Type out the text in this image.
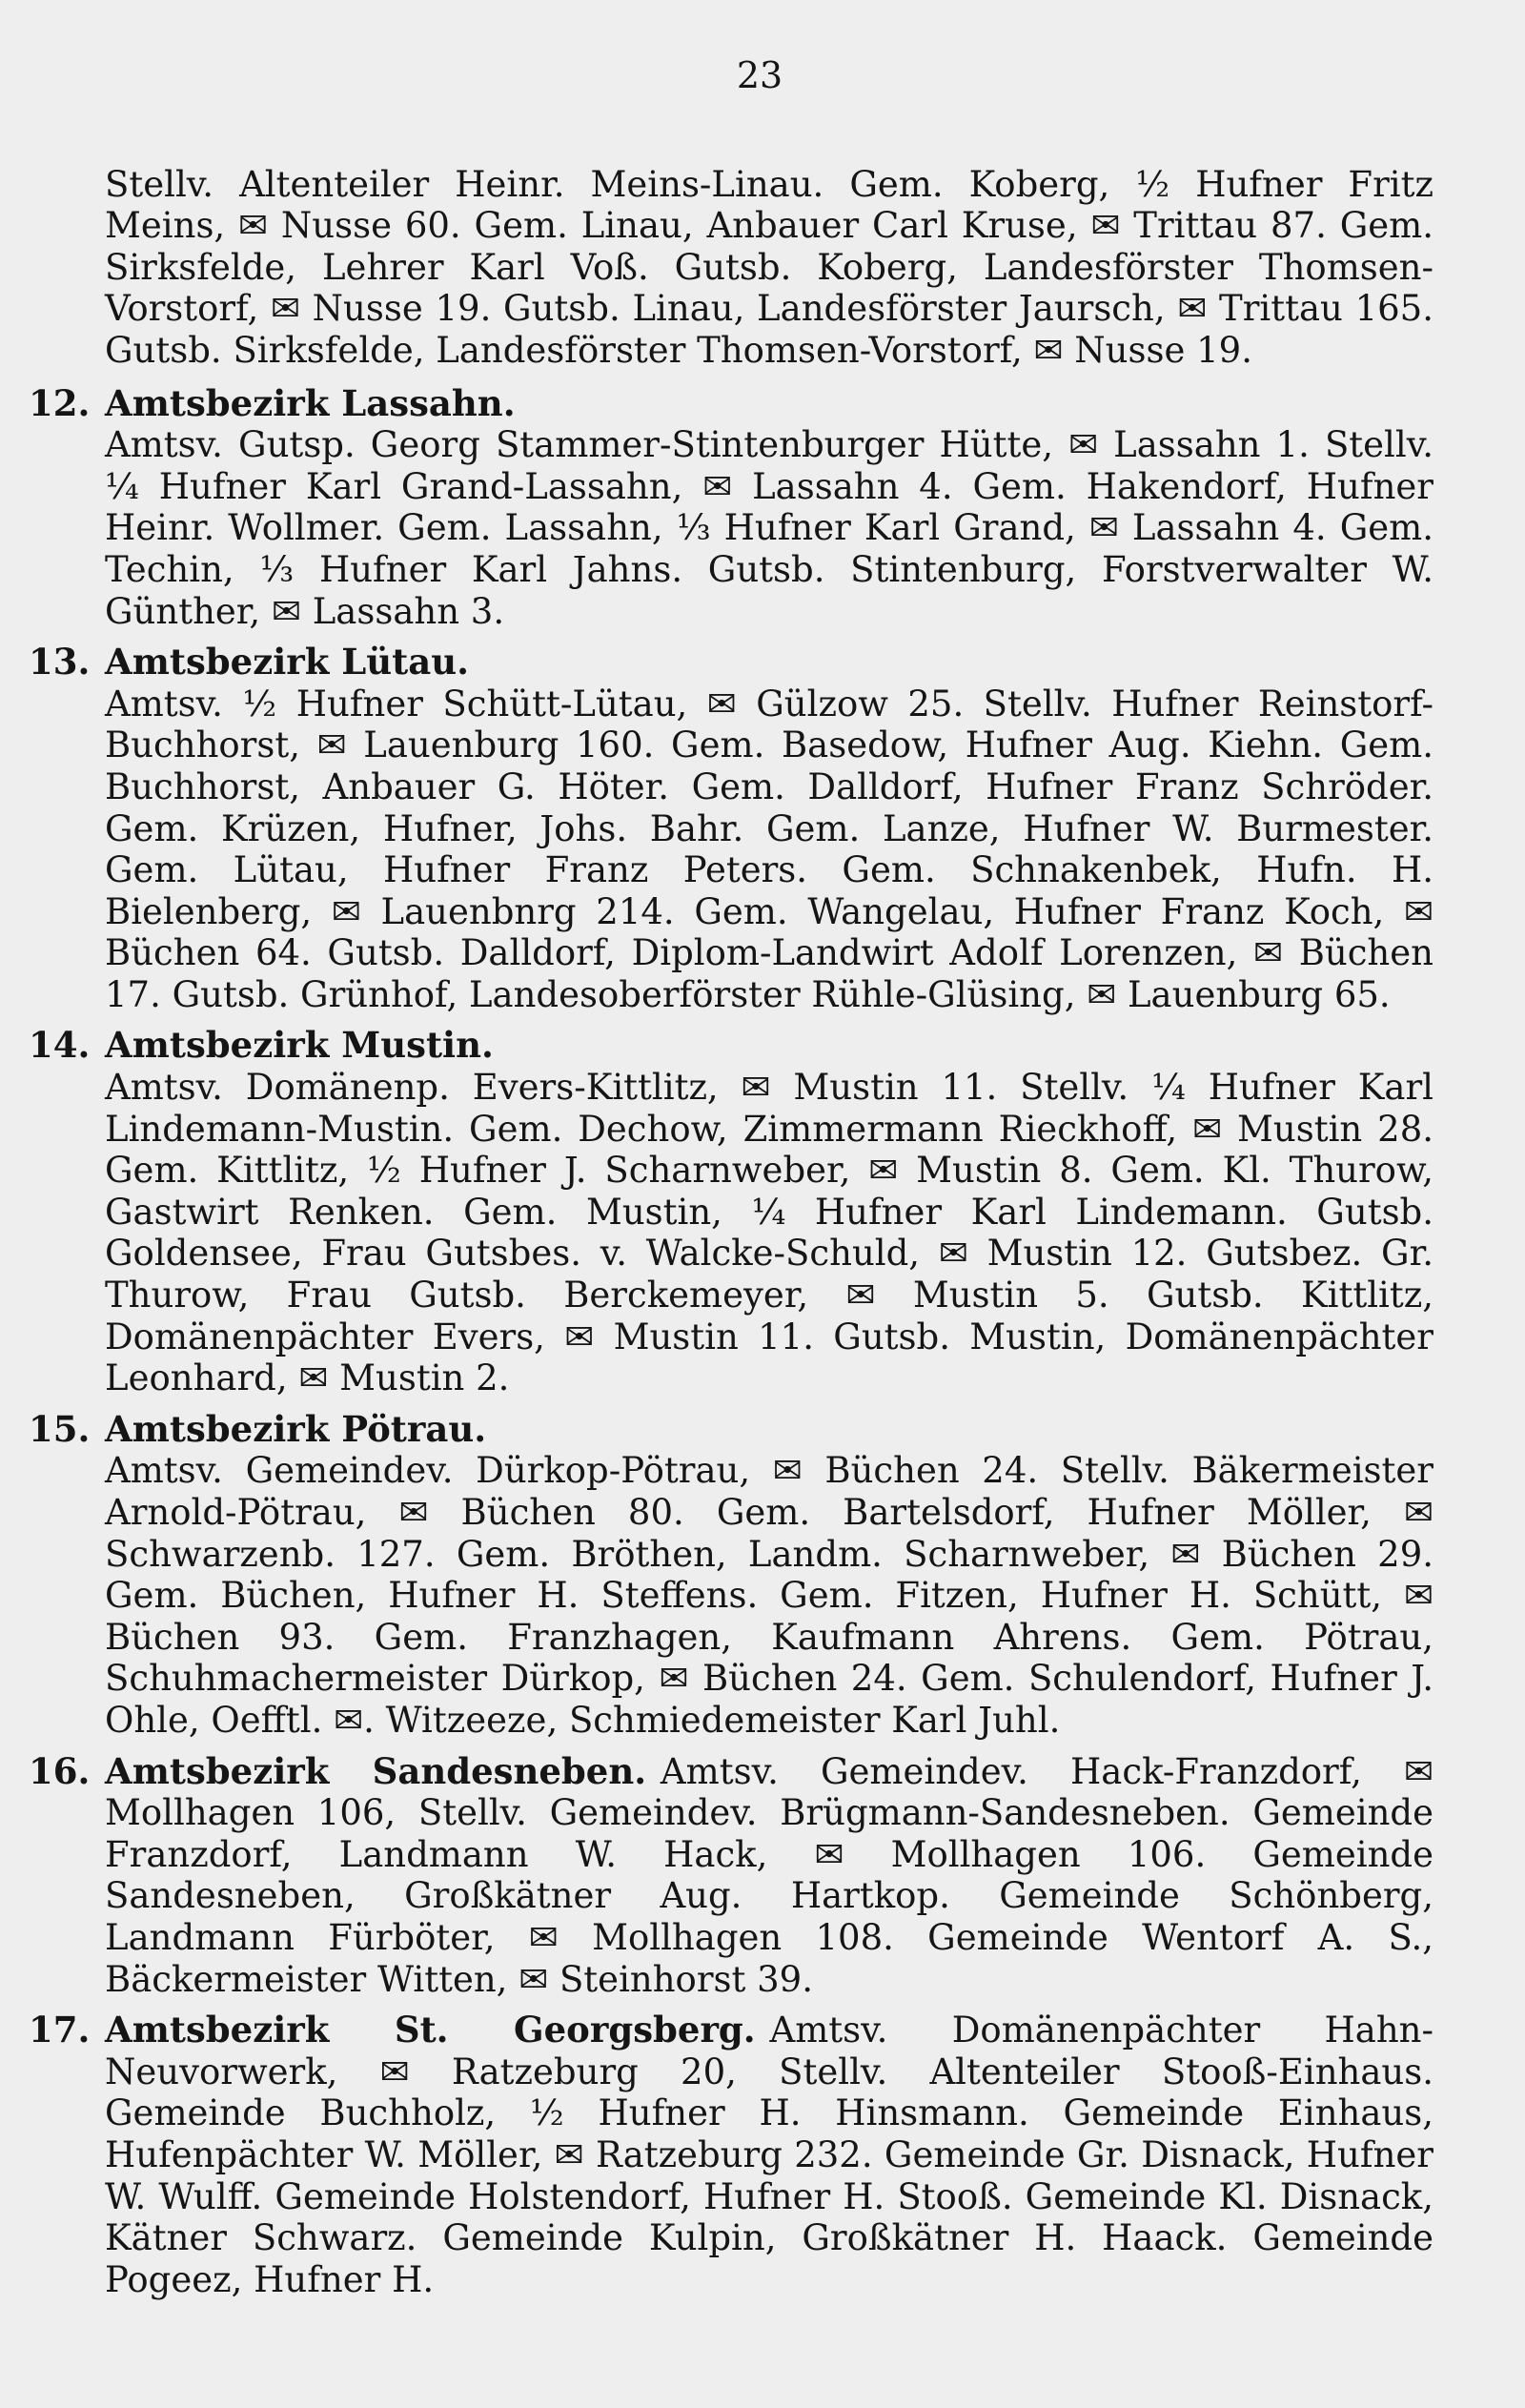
23

Stellv. Altenteiler Heinr. Meins-Linau. Gem. Koberg, ½ Hufner Fritz Meins, ✉ Nusse 60. Gem. Linau, Anbauer Carl Kruse, ✉ Trittau 87. Gem. Sirksfelde, Lehrer Karl Voß. Gutsb. Koberg, Landesförster Thomsen-Vorstorf, ✉ Nusse 19. Gutsb. Linau, Landesförster Jaursch, ✉ Trittau 165. Gutsb. Sirksfelde, Landesförster Thomsen-Vorstorf, ✉ Nusse 19.

12. Amtsbezirk Lassahn.

Amtsv. Gutsp. Georg Stammer-Stintenburger Hütte, ✉ Lassahn 1. Stellv. ¼ Hufner Karl Grand-Lassahn, ✉ Lassahn 4. Gem. Hakendorf, Hufner Heinr. Wollmer. Gem. Lassahn, ⅓ Hufner Karl Grand, ✉ Lassahn 4. Gem. Techin, ⅓ Hufner Karl Jahns. Gutsb. Stintenburg, Forstverwalter W. Günther, ✉ Lassahn 3.

13. Amtsbezirk Lütau.

Amtsv. ½ Hufner Schütt-Lütau, ✉ Gülzow 25. Stellv. Hufner Reinstorf-Buchhorst, ✉ Lauenburg 160. Gem. Basedow, Hufner Aug. Kiehn. Gem. Buchhorst, Anbauer G. Höter. Gem. Dalldorf, Hufner Franz Schröder. Gem. Krüzen, Hufner, Johs. Bahr. Gem. Lanze, Hufner W. Burmester. Gem. Lütau, Hufner Franz Peters. Gem. Schnakenbek, Hufn. H. Bielenberg, ✉ Lauenbnrg 214. Gem. Wangelau, Hufner Franz Koch, ✉ Büchen 64. Gutsb. Dalldorf, Diplom-Landwirt Adolf Lorenzen, ✉ Büchen 17. Gutsb. Grünhof, Landesoberförster Rühle-Glüsing, ✉ Lauenburg 65.

14. Amtsbezirk Mustin.

Amtsv. Domänenp. Evers-Kittlitz, ✉ Mustin 11. Stellv. ¼ Hufner Karl Lindemann-Mustin. Gem. Dechow, Zimmermann Rieckhoff, ✉ Mustin 28. Gem. Kittlitz, ½ Hufner J. Scharnweber, ✉ Mustin 8. Gem. Kl. Thurow, Gastwirt Renken. Gem. Mustin, ¼ Hufner Karl Lindemann. Gutsb. Goldensee, Frau Gutsbes. v. Walcke-Schuld, ✉ Mustin 12. Gutsbez. Gr. Thurow, Frau Gutsb. Berckemeyer, ✉ Mustin 5. Gutsb. Kittlitz, Domänenpächter Evers, ✉ Mustin 11. Gutsb. Mustin, Domänenpächter Leonhard, ✉ Mustin 2.

15. Amtsbezirk Pötrau.

Amtsv. Gemeindev. Dürkop-Pötrau, ✉ Büchen 24. Stellv. Bäkermeister Arnold-Pötrau, ✉ Büchen 80. Gem. Bartelsdorf, Hufner Möller, ✉ Schwarzenb. 127. Gem. Bröthen, Landm. Scharnweber, ✉ Büchen 29. Gem. Büchen, Hufner H. Steffens. Gem. Fitzen, Hufner H. Schütt, ✉ Büchen 93. Gem. Franzhagen, Kaufmann Ahrens. Gem. Pötrau, Schuhmachermeister Dürkop, ✉ Büchen 24. Gem. Schulendorf, Hufner J. Ohle, Oefftl. ✉. Witzeeze, Schmiedemeister Karl Juhl.

16. Amtsbezirk Sandesneben. Amtsv. Gemeindev. Hack-Franzdorf, ✉ Mollhagen 106, Stellv. Gemeindev. Brügmann-Sandesneben. Gemeinde Franzdorf, Landmann W. Hack, ✉ Mollhagen 106. Gemeinde Sandesneben, Großkätner Aug. Hartkop. Gemeinde Schönberg, Landmann Fürböter, ✉ Mollhagen 108. Gemeinde Wentorf A. S., Bäckermeister Witten, ✉ Steinhorst 39.
17. Amtsbezirk St. Georgsberg. Amtsv. Domänenpächter Hahn-Neuvorwerk, ✉ Ratzeburg 20, Stellv. Altenteiler Stooß-Einhaus. Gemeinde Buchholz, ½ Hufner H. Hinsmann. Gemeinde Einhaus, Hufenpächter W. Möller, ✉ Ratzeburg 232. Gemeinde Gr. Disnack, Hufner W. Wulff. Gemeinde Holstendorf, Hufner H. Stooß. Gemeinde Kl. Disnack, Kätner Schwarz. Gemeinde Kulpin, Großkätner H. Haack. Gemeinde Pogeez, Hufner H.
